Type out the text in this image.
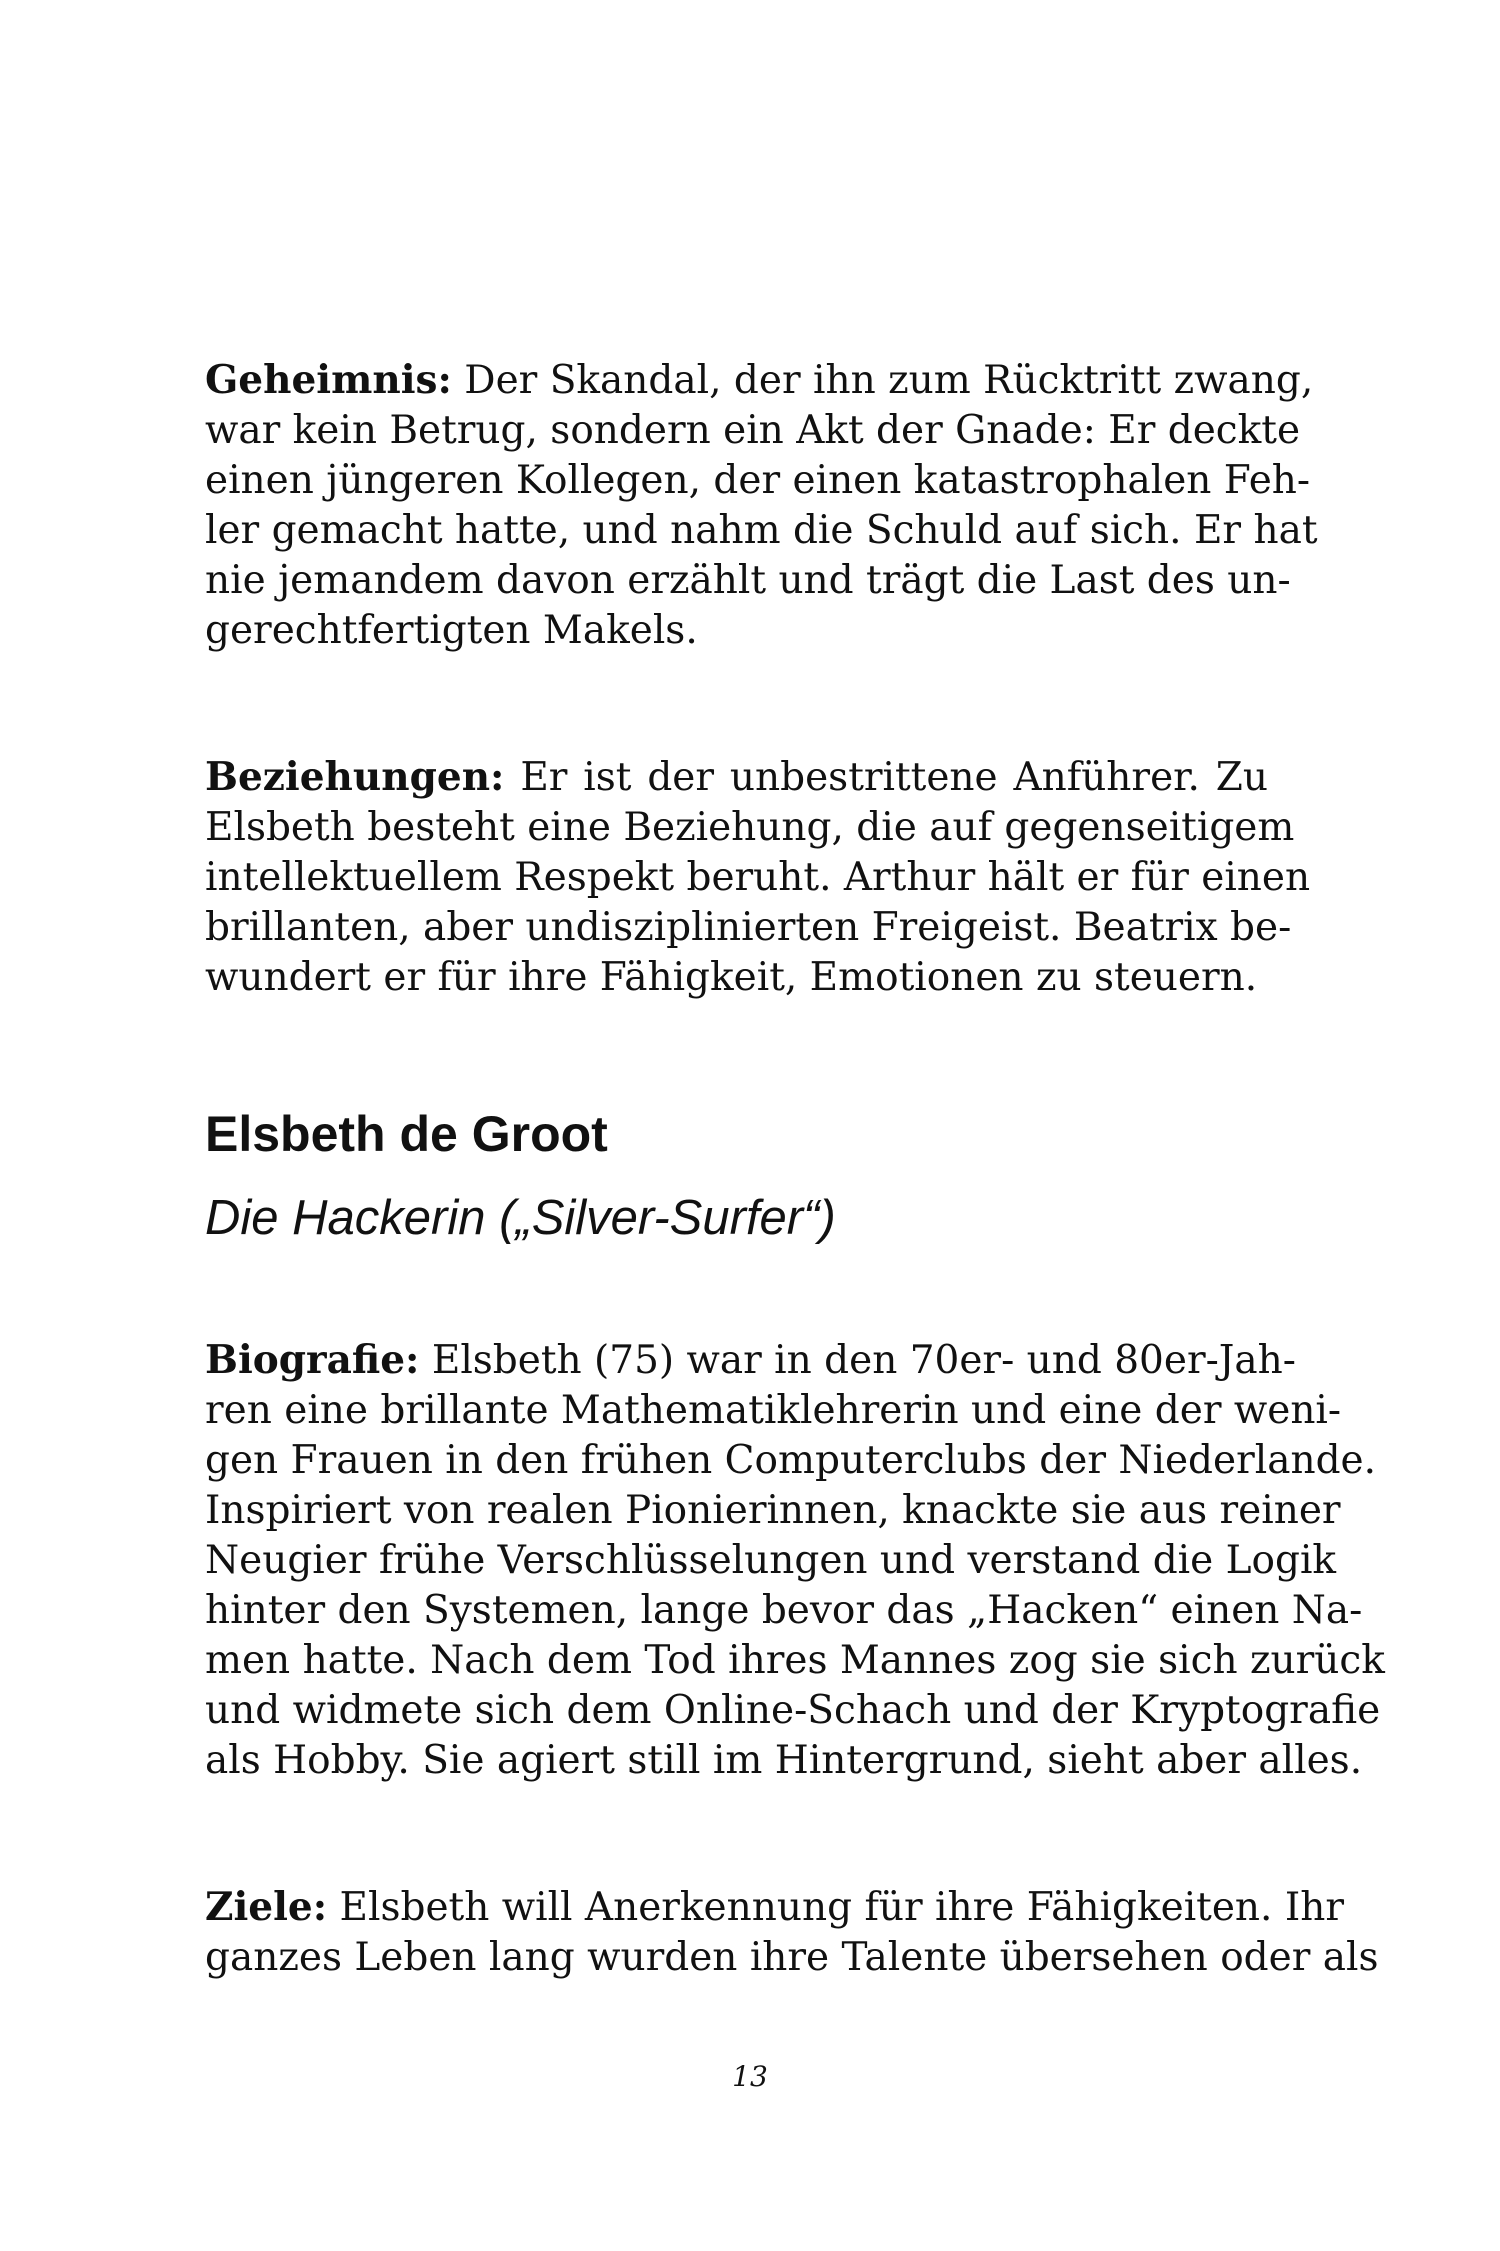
Geheimnis: Der Skandal, der ihn zum Rücktritt zwang,
war kein Betrug, sondern ein Akt der Gnade: Er deckte
einen jüngeren Kollegen, der einen katastrophalen Feh-
ler gemacht hatte, und nahm die Schuld auf sich. Er hat
nie jemandem davon erzählt und trägt die Last des un-
gerechtfertigten Makels.
Beziehungen: Er ist der unbestrittene Anführer. Zu
Elsbeth besteht eine Beziehung, die auf gegenseitigem
intellektuellem Respekt beruht. Arthur hält er für einen
brillanten, aber undisziplinierten Freigeist. Beatrix be-
wundert er für ihre Fähigkeit, Emotionen zu steuern.
Elsbeth de Groot
Die Hackerin („Silver-Surfer“)
Biografie: Elsbeth (75) war in den 70er- und 80er-Jah-
ren eine brillante Mathematiklehrerin und eine der weni-
gen Frauen in den frühen Computerclubs der Niederlande.
Inspiriert von realen Pionierinnen, knackte sie aus reiner
Neugier frühe Verschlüsselungen und verstand die Logik
hinter den Systemen, lange bevor das „Hacken“ einen Na-
men hatte. Nach dem Tod ihres Mannes zog sie sich zurück
und widmete sich dem Online-Schach und der Kryptografie
als Hobby. Sie agiert still im Hintergrund, sieht aber alles.
Ziele: Elsbeth will Anerkennung für ihre Fähigkeiten. Ihr
ganzes Leben lang wurden ihre Talente übersehen oder als
13
